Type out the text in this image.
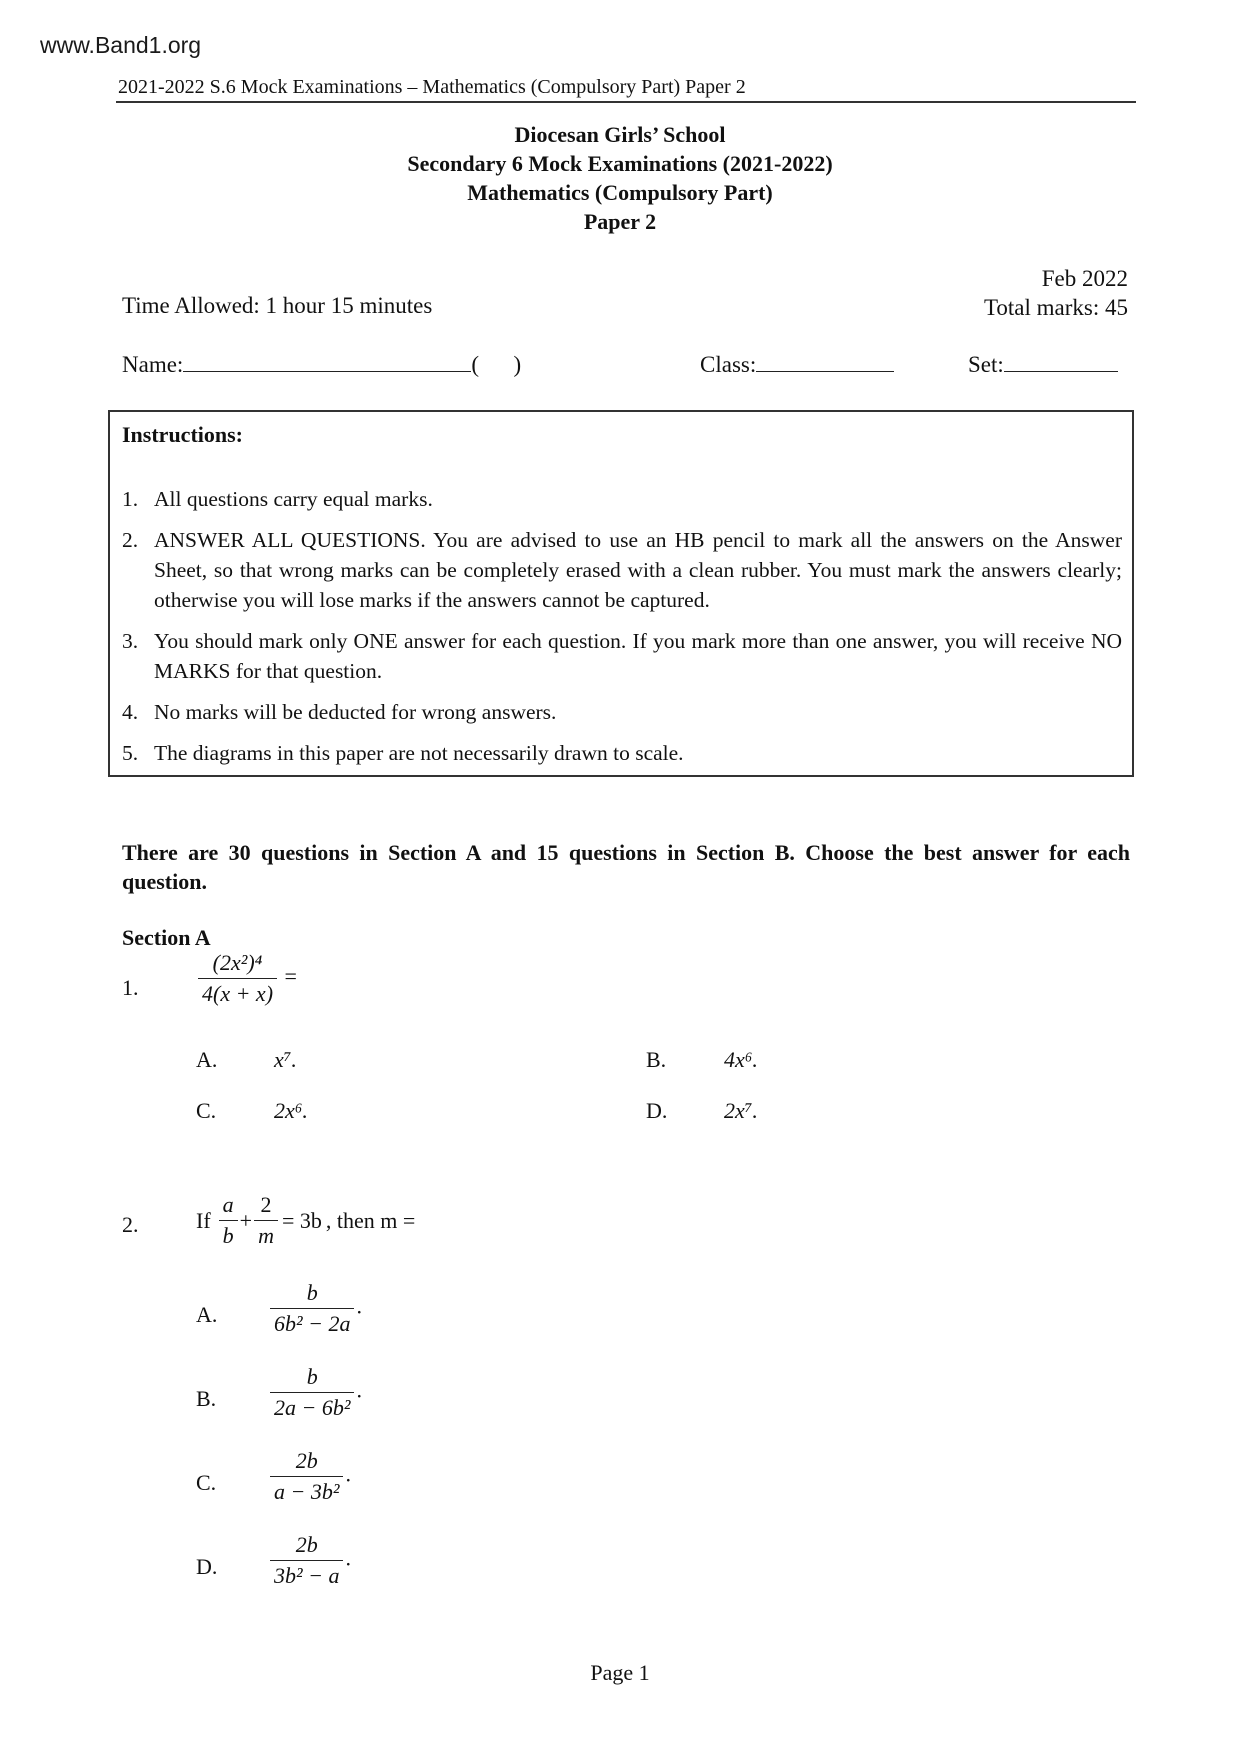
www.Band1.org
2021-2022 S.6 Mock Examinations – Mathematics (Compulsory Part) Paper 2
Diocesan Girls’ School
Secondary 6 Mock Examinations (2021-2022)
Mathematics (Compulsory Part)
Paper 2
Feb 2022
Total marks: 45
Time Allowed: 1 hour 15 minutes
Name:	(      )	Class:	Set:
Instructions:
1. All questions carry equal marks.
2. ANSWER ALL QUESTIONS. You are advised to use an HB pencil to mark all the answers on the Answer Sheet, so that wrong marks can be completely erased with a clean rubber. You must mark the answers clearly; otherwise you will lose marks if the answers cannot be captured.
3. You should mark only ONE answer for each question. If you mark more than one answer, you will receive NO MARKS for that question.
4. No marks will be deducted for wrong answers.
5. The diagrams in this paper are not necessarily drawn to scale.
There are 30 questions in Section A and 15 questions in Section B. Choose the best answer for each question.
Section A
1.	$\frac{\text{(2x²)⁴}}{4(x + x)}$ =
A.	x⁷.	B.	4x⁶.
C.	2x⁶.	D.	2x⁷.
2.	If $\frac{a}{b} + \frac{2}{m} = 3b$ , then m =
A. $\frac{b}{\text{6b² − 2a}}$ .
B. $\frac{b}{\text{2a − 6b²}}$ .
C. $\frac{2b}{\text{a − 3b²}}$ .
D. $\frac{2b}{\text{3b² − a}}$ .
Page 1
